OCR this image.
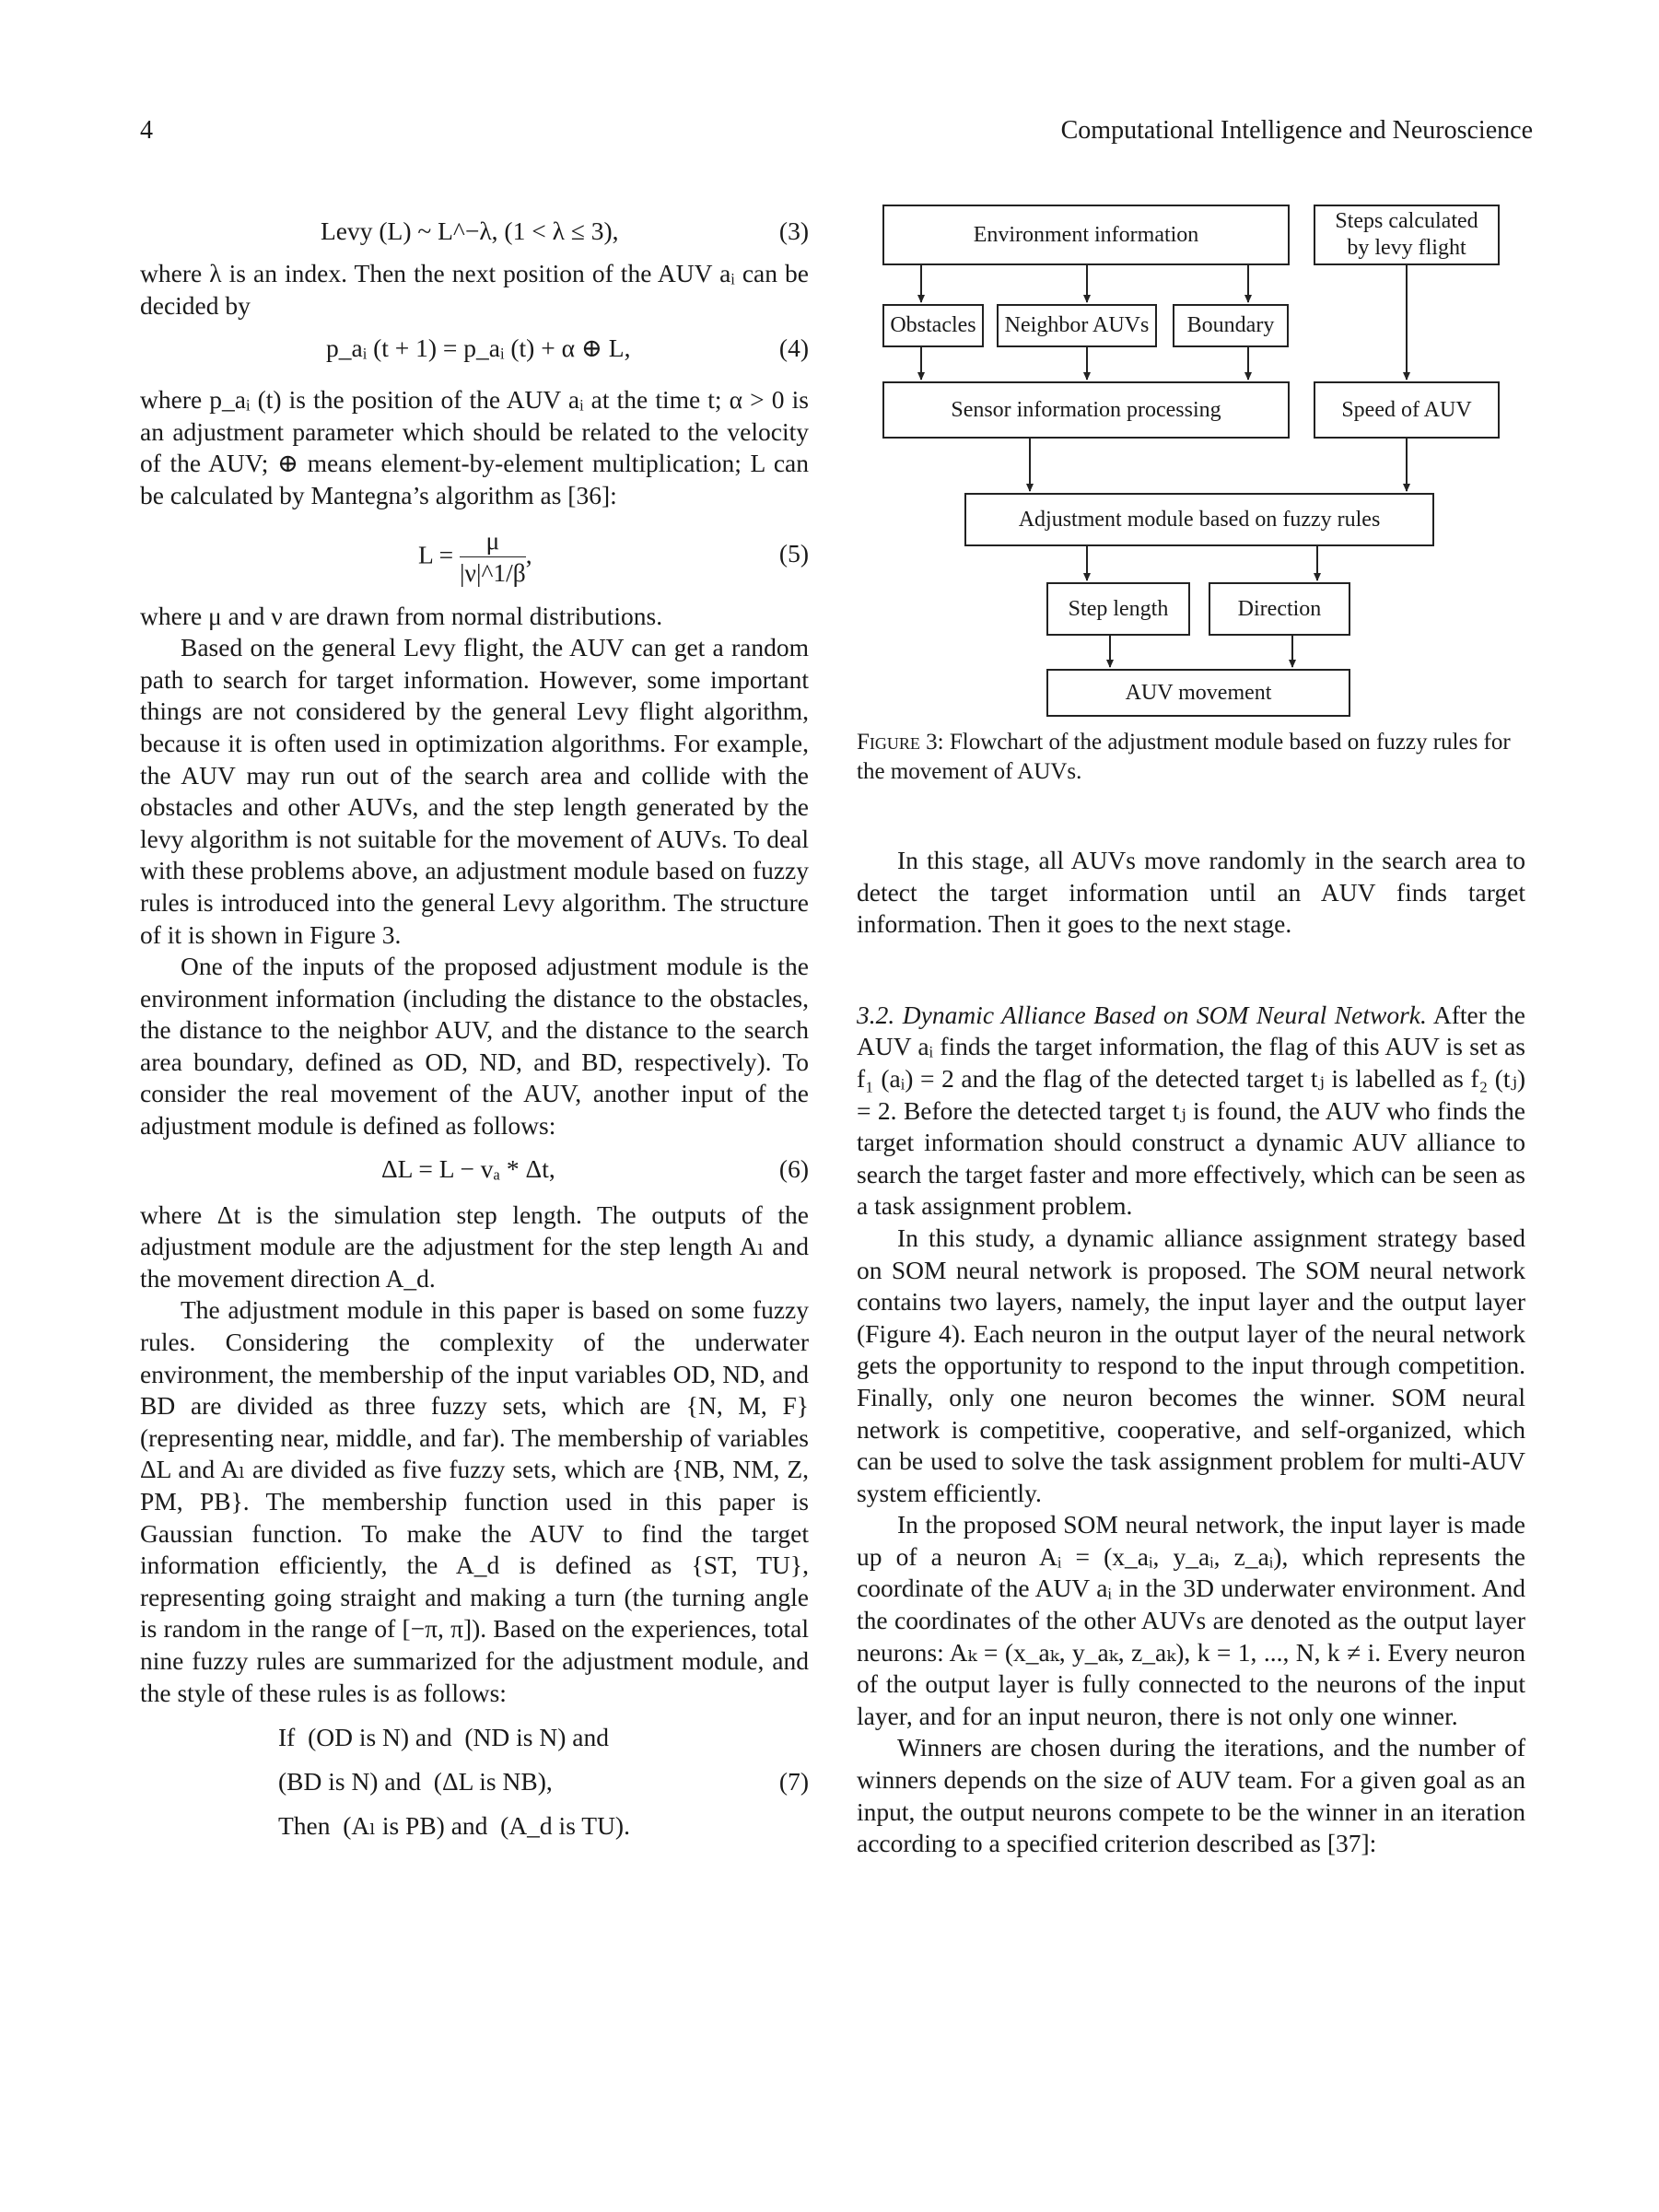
4	Computational Intelligence and Neuroscience
Levy (L) ~ L^−λ, (1 < λ ≤ 3),	(3)

where λ is an index. Then the next position of the AUV aᵢ can be decided by

p_aᵢ (t + 1) = p_aᵢ (t) + α ⊕ L,	(4)

where p_aᵢ (t) is the position of the AUV aᵢ at the time t; α > 0 is an adjustment parameter which should be related to the velocity of the AUV; ⊕ means element-by-element multiplication; L can be calculated by Mantegna’s algorithm as [36]:

$L = \frac{\mu}{|\nu|\^{}1/\beta}$ ,	(5)

where μ and ν are drawn from normal distributions.

Based on the general Levy flight, the AUV can get a random path to search for target information. However, some important things are not considered by the general Levy flight algorithm, because it is often used in optimization algorithms. For example, the AUV may run out of the search area and collide with the obstacles and other AUVs, and the step length generated by the levy algorithm is not suitable for the movement of AUVs. To deal with these problems above, an adjustment module based on fuzzy rules is introduced into the general Levy algorithm. The structure of it is shown in Figure 3.

One of the inputs of the proposed adjustment module is the environment information (including the distance to the obstacles, the distance to the neighbor AUV, and the distance to the search area boundary, defined as OD, ND, and BD, respectively). To consider the real movement of the AUV, another input of the adjustment module is defined as follows:

ΔL = L − vₐ * Δt,	(6)

where Δt is the simulation step length. The outputs of the adjustment module are the adjustment for the step length Aₗ and the movement direction A_d.

The adjustment module in this paper is based on some fuzzy rules. Considering the complexity of the underwater environment, the membership of the input variables OD, ND, and BD are divided as three fuzzy sets, which are {N, M, F} (representing near, middle, and far). The membership of variables ΔL and Aₗ are divided as five fuzzy sets, which are {NB, NM, Z, PM, PB}. The membership function used in this paper is Gaussian function. To make the AUV to find the target information efficiently, the A_d is defined as {ST, TU}, representing going straight and making a turn (the turning angle is random in the range of [−π, π]). Based on the experiences, total nine fuzzy rules are summarized for the adjustment module, and the style of these rules is as follows:

If  (OD is N) and  (ND is N) and
(BD is N) and  (ΔL is NB),
Then  (Aₗ is PB) and  (A_d is TU).
(7)
Environment information
Steps calculated by levy flight
Obstacles	Neighbor AUVs	Boundary
Sensor information processing	Speed of AUV
Adjustment module based on fuzzy rules
Step length	Direction
AUV movement

Figure 3: Flowchart of the adjustment module based on fuzzy rules for the movement of AUVs.

In this stage, all AUVs move randomly in the search area to detect the target information until an AUV finds target information. Then it goes to the next stage.

3.2. Dynamic Alliance Based on SOM Neural Network. After the AUV aᵢ finds the target information, the flag of this AUV is set as f₁ (aᵢ) = 2 and the flag of the detected target tⱼ is labelled as f₂ (tⱼ) = 2. Before the detected target tⱼ is found, the AUV who finds the target information should construct a dynamic AUV alliance to search the target faster and more effectively, which can be seen as a task assignment problem.

In this study, a dynamic alliance assignment strategy based on SOM neural network is proposed. The SOM neural network contains two layers, namely, the input layer and the output layer (Figure 4). Each neuron in the output layer of the neural network gets the opportunity to respond to the input through competition. Finally, only one neuron becomes the winner. SOM neural network is competitive, cooperative, and self-organized, which can be used to solve the task assignment problem for multi-AUV system efficiently.

In the proposed SOM neural network, the input layer is made up of a neuron Aᵢ = (x_aᵢ, y_aᵢ, z_aᵢ), which represents the coordinate of the AUV aᵢ in the 3D underwater environment. And the coordinates of the other AUVs are denoted as the output layer neurons: Aₖ = (x_aₖ, y_aₖ, z_aₖ), k = 1, ..., N, k ≠ i. Every neuron of the output layer is fully connected to the neurons of the input layer, and for an input neuron, there is not only one winner.

Winners are chosen during the iterations, and the number of winners depends on the size of AUV team. For a given goal as an input, the output neurons compete to be the winner in an iteration according to a specified criterion described as [37]:
